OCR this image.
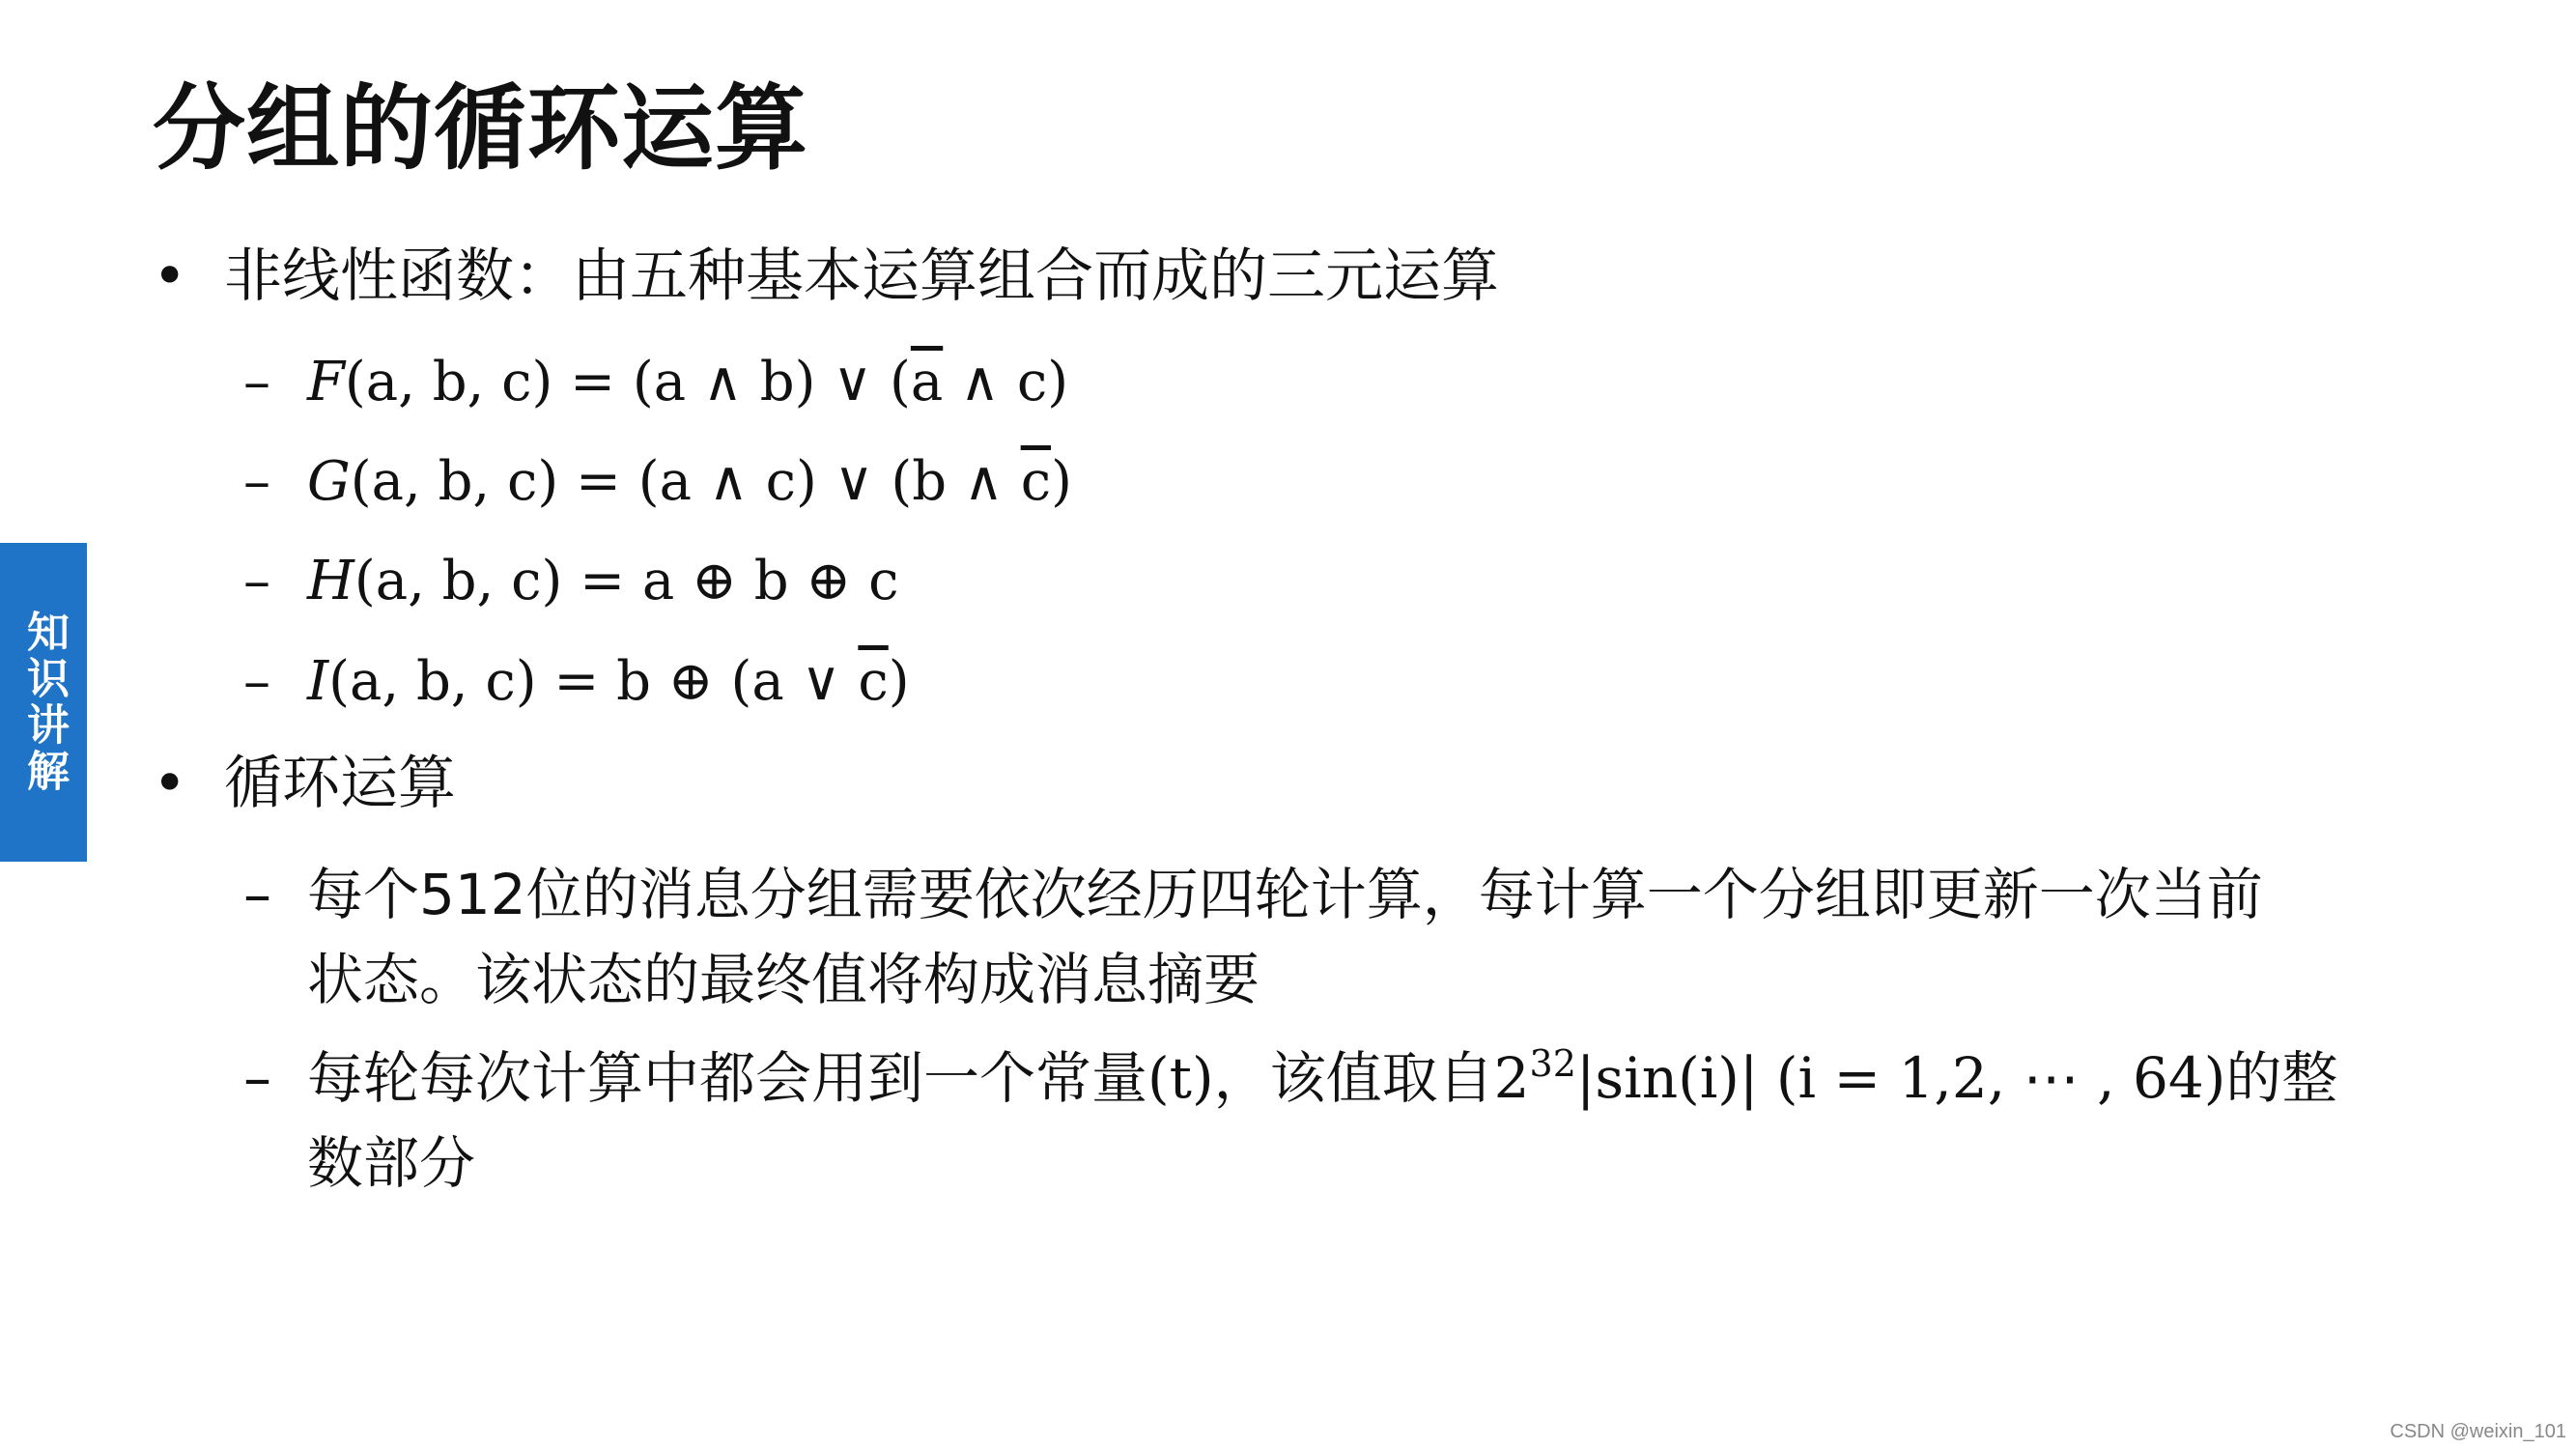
分组的循环运算
知识讲解
• 非线性函数：由五种基本运算组合而成的三元运算
– F(a, b, c) = (a ∧ b) ∨ ($\overline{a}$ ∧ c)
– G(a, b, c) = (a ∧ c) ∨ (b ∧ $\overline{c}$)
– H(a, b, c) = a ⊕ b ⊕ c
– I(a, b, c) = b ⊕ (a ∨ $\overline{c}$)
• 循环运算
– 每个512位的消息分组需要依次经历四轮计算，每计算一个分组即更新一次当前
状态。该状态的最终值将构成消息摘要
– 每轮每次计算中都会用到一个常量(t)，该值取自$2^{32}|\sin(i)|$ (i = 1,2, ⋯ , 64)的整
数部分
CSDN @weixin_101
